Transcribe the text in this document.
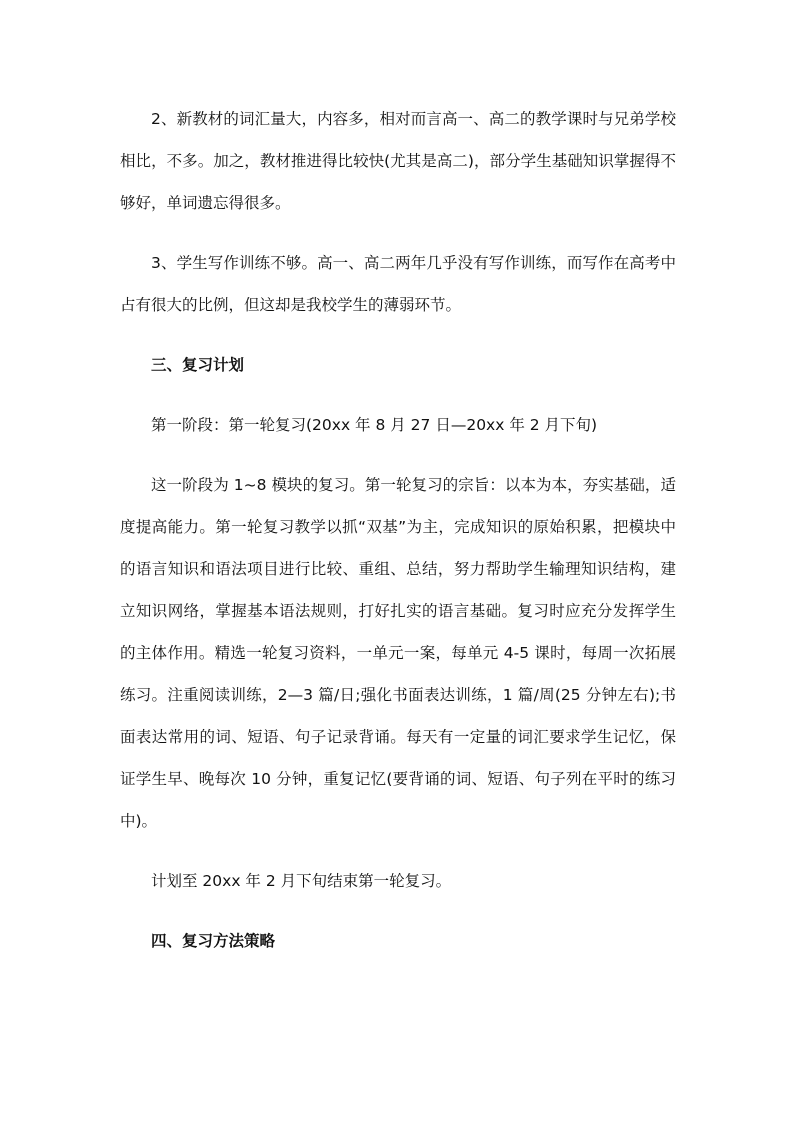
2、新教材的词汇量大，内容多，相对而言高一、高二的教学课时与兄弟学校相比，不多。加之，教材推进得比较快(尤其是高二)，部分学生基础知识掌握得不够好，单词遗忘得很多。

3、学生写作训练不够。高一、高二两年几乎没有写作训练，而写作在高考中占有很大的比例，但这却是我校学生的薄弱环节。

三、复习计划

第一阶段：第一轮复习(20xx 年 8 月 27 日—20xx 年 2 月下旬)

这一阶段为 1~8 模块的复习。第一轮复习的宗旨：以本为本，夯实基础，适度提高能力。第一轮复习教学以抓“双基”为主，完成知识的原始积累，把模块中的语言知识和语法项目进行比较、重组、总结，努力帮助学生输理知识结构，建立知识网络，掌握基本语法规则，打好扎实的语言基础。复习时应充分发挥学生的主体作用。精选一轮复习资料，一单元一案，每单元 4-5 课时，每周一次拓展练习。注重阅读训练，2—3 篇/日;强化书面表达训练，1 篇/周(25 分钟左右);书面表达常用的词、短语、句子记录背诵。每天有一定量的词汇要求学生记忆，保证学生早、晚每次 10 分钟，重复记忆(要背诵的词、短语、句子列在平时的练习中)。

计划至 20xx 年 2 月下旬结束第一轮复习。

四、复习方法策略
